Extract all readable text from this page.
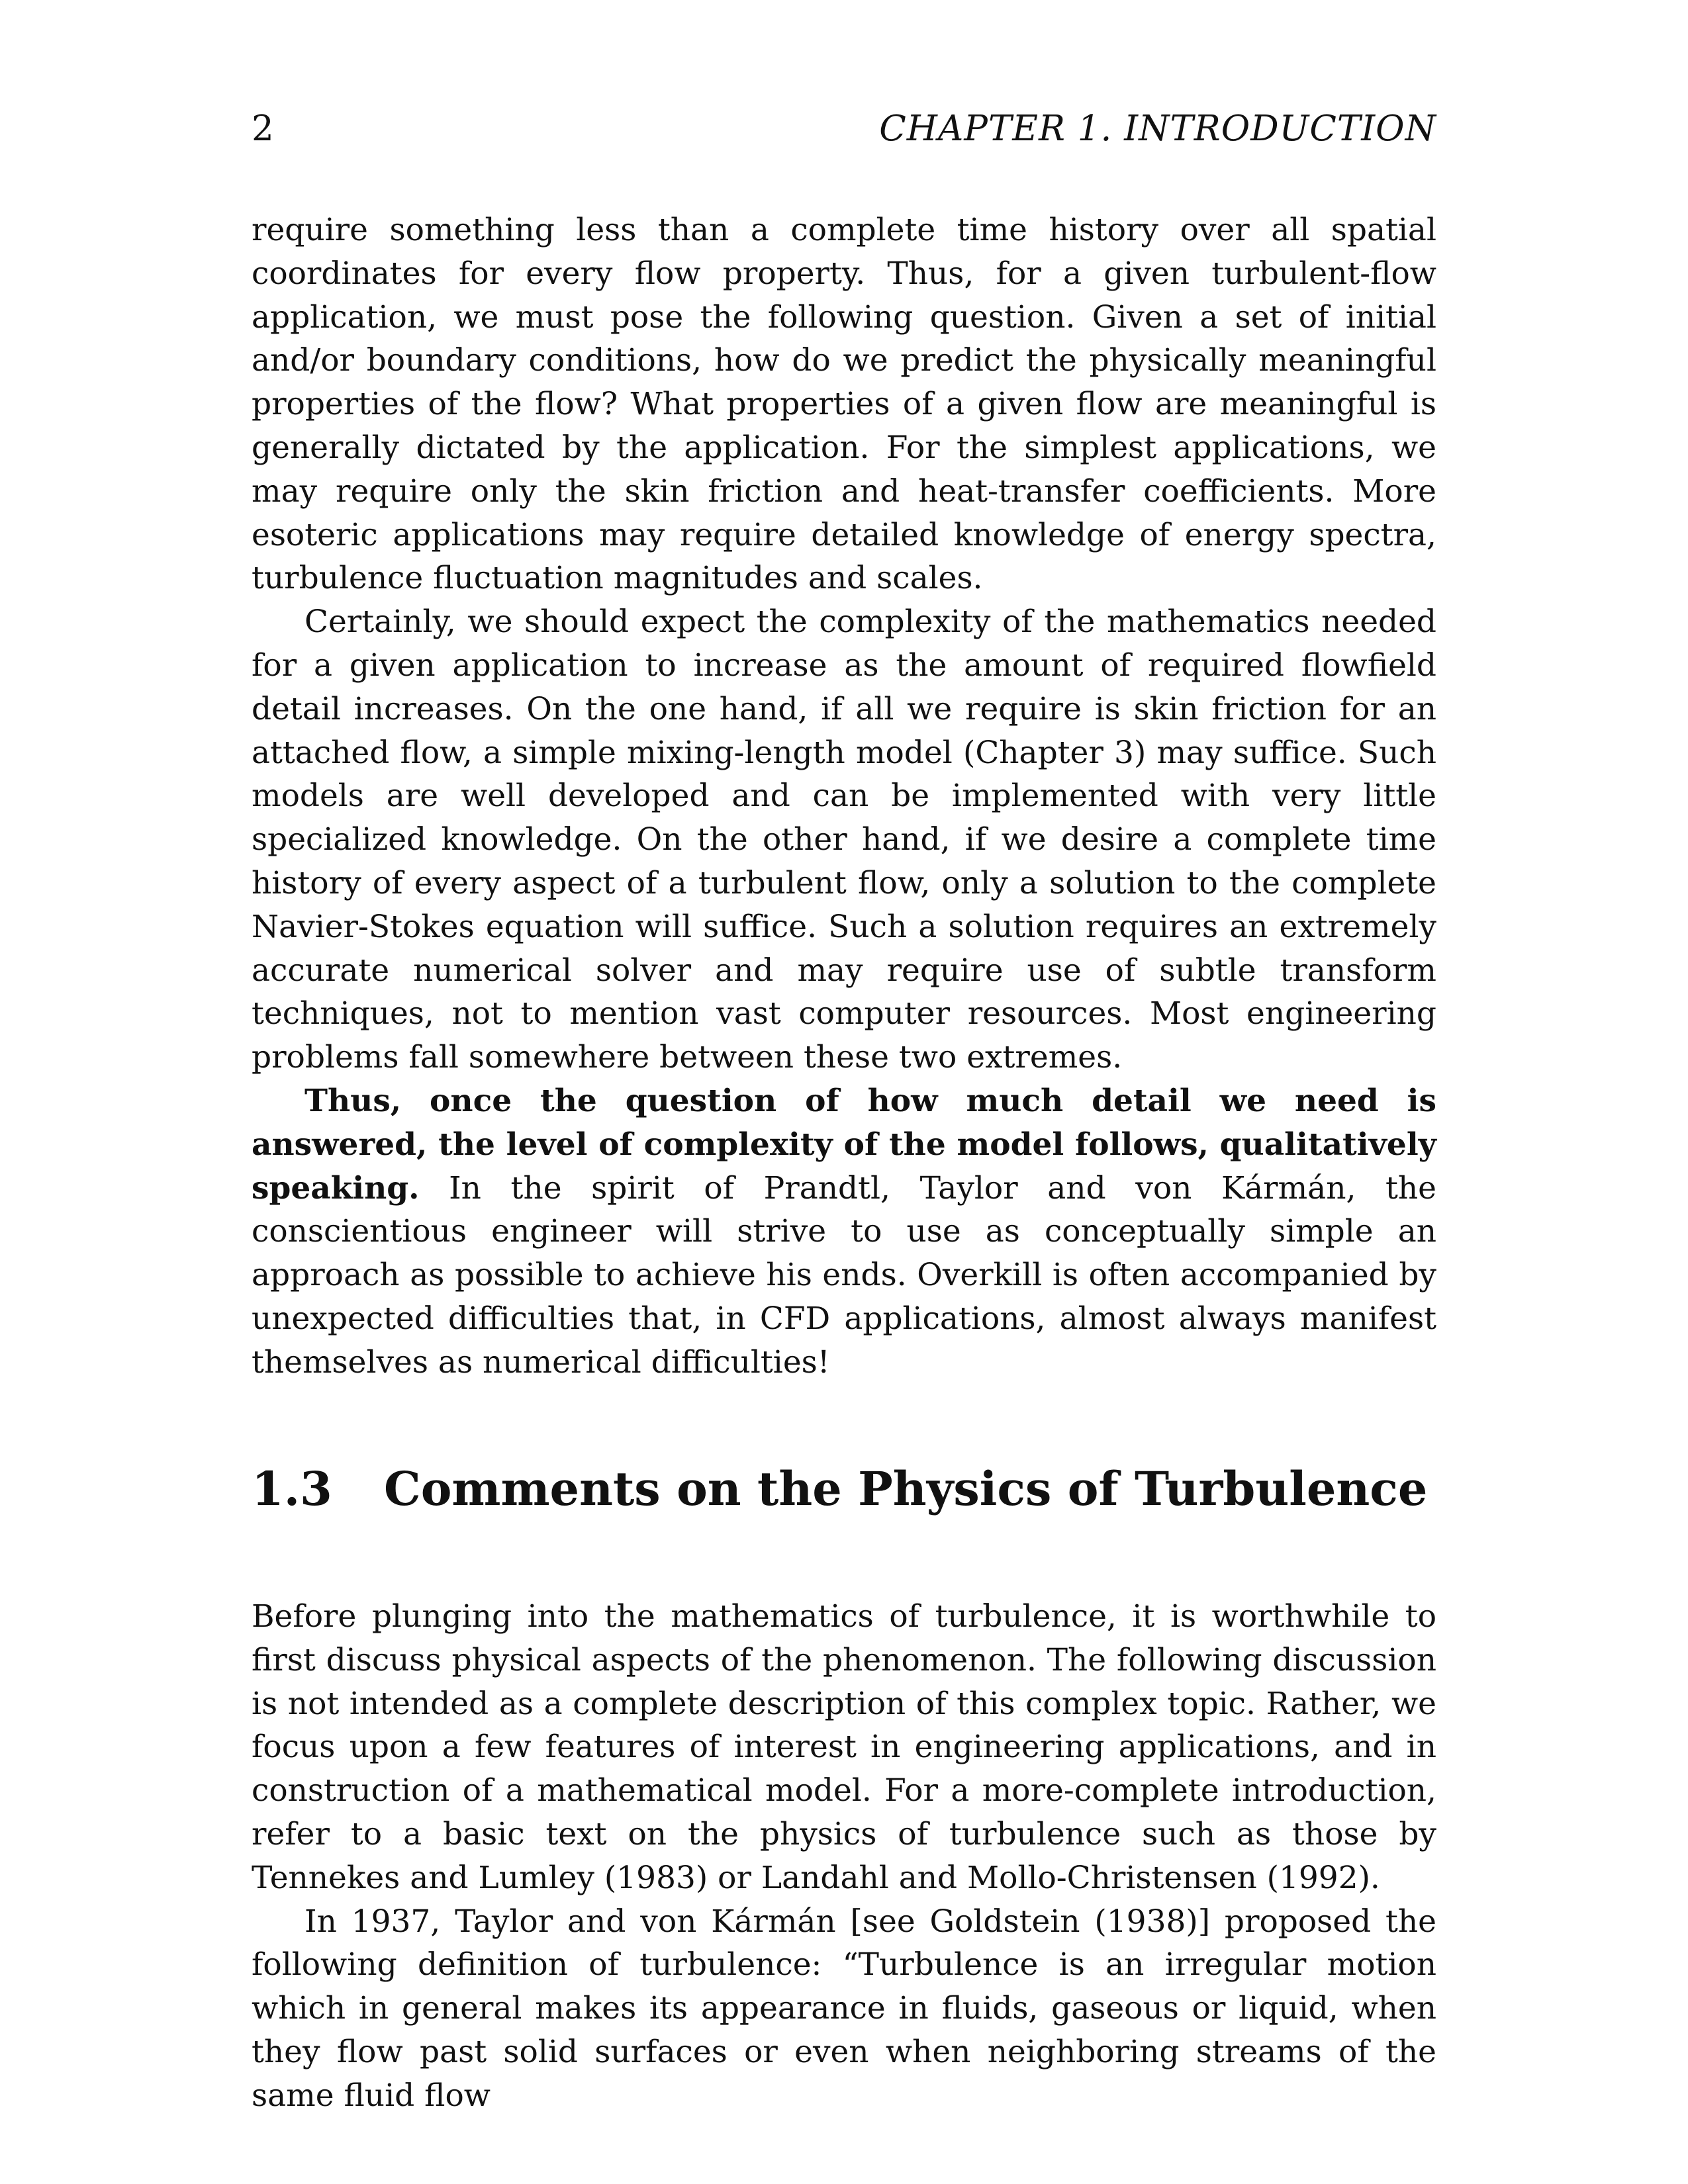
2	CHAPTER 1. INTRODUCTION

require something less than a complete time history over all spatial coordinates for every flow property. Thus, for a given turbulent-flow application, we must pose the following question. Given a set of initial and/or boundary conditions, how do we predict the physically meaningful properties of the flow? What properties of a given flow are meaningful is generally dictated by the application. For the simplest applications, we may require only the skin friction and heat-transfer coefficients. More esoteric applications may require detailed knowledge of energy spectra, turbulence fluctuation magnitudes and scales.

Certainly, we should expect the complexity of the mathematics needed for a given application to increase as the amount of required flowfield detail increases. On the one hand, if all we require is skin friction for an attached flow, a simple mixing-length model (Chapter 3) may suffice. Such models are well developed and can be implemented with very little specialized knowledge. On the other hand, if we desire a complete time history of every aspect of a turbulent flow, only a solution to the complete Navier-Stokes equation will suffice. Such a solution requires an extremely accurate numerical solver and may require use of subtle transform techniques, not to mention vast computer resources. Most engineering problems fall somewhere between these two extremes.

Thus, once the question of how much detail we need is answered, the level of complexity of the model follows, qualitatively speaking. In the spirit of Prandtl, Taylor and von Kármán, the conscientious engineer will strive to use as conceptually simple an approach as possible to achieve his ends. Overkill is often accompanied by unexpected difficulties that, in CFD applications, almost always manifest themselves as numerical difficulties!

1.3 Comments on the Physics of Turbulence

Before plunging into the mathematics of turbulence, it is worthwhile to first discuss physical aspects of the phenomenon. The following discussion is not intended as a complete description of this complex topic. Rather, we focus upon a few features of interest in engineering applications, and in construction of a mathematical model. For a more-complete introduction, refer to a basic text on the physics of turbulence such as those by Tennekes and Lumley (1983) or Landahl and Mollo-Christensen (1992).

In 1937, Taylor and von Kármán [see Goldstein (1938)] proposed the following definition of turbulence: “Turbulence is an irregular motion which in general makes its appearance in fluids, gaseous or liquid, when they flow past solid surfaces or even when neighboring streams of the same fluid flow
